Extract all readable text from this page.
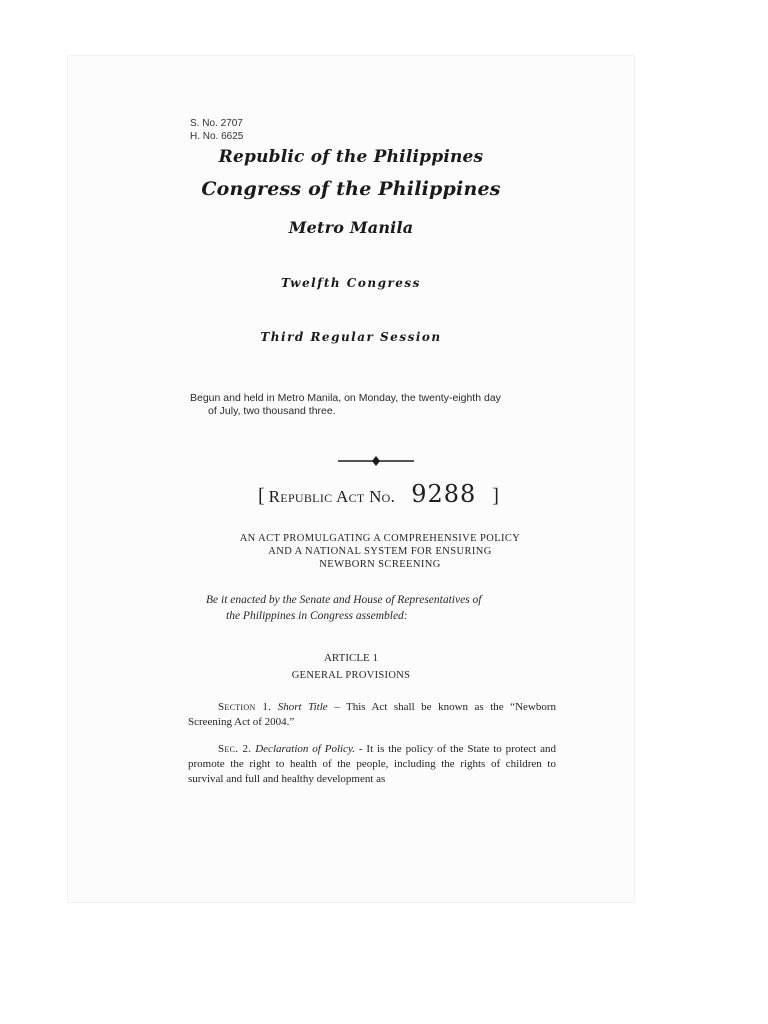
S. No. 2707
H. No. 6625
Republic of the Philippines
Congress of the Philippines
Metro Manila
Twelfth Congress
Third Regular Session
Begun and held in Metro Manila, on Monday, the twenty-eighth day
of July, two thousand three.
[ Republic Act No. 9288 ]
AN ACT PROMULGATING A COMPREHENSIVE POLICY
AND A NATIONAL SYSTEM FOR ENSURING
NEWBORN SCREENING
Be it enacted by the Senate and House of Representatives of
the Philippines in Congress assembled:
ARTICLE 1
GENERAL PROVISIONS

Section 1. Short Title – This Act shall be known as the “Newborn Screening Act of 2004.”

Sec. 2. Declaration of Policy. - It is the policy of the State to protect and promote the right to health of the people, including the rights of children to survival and full and healthy development as
